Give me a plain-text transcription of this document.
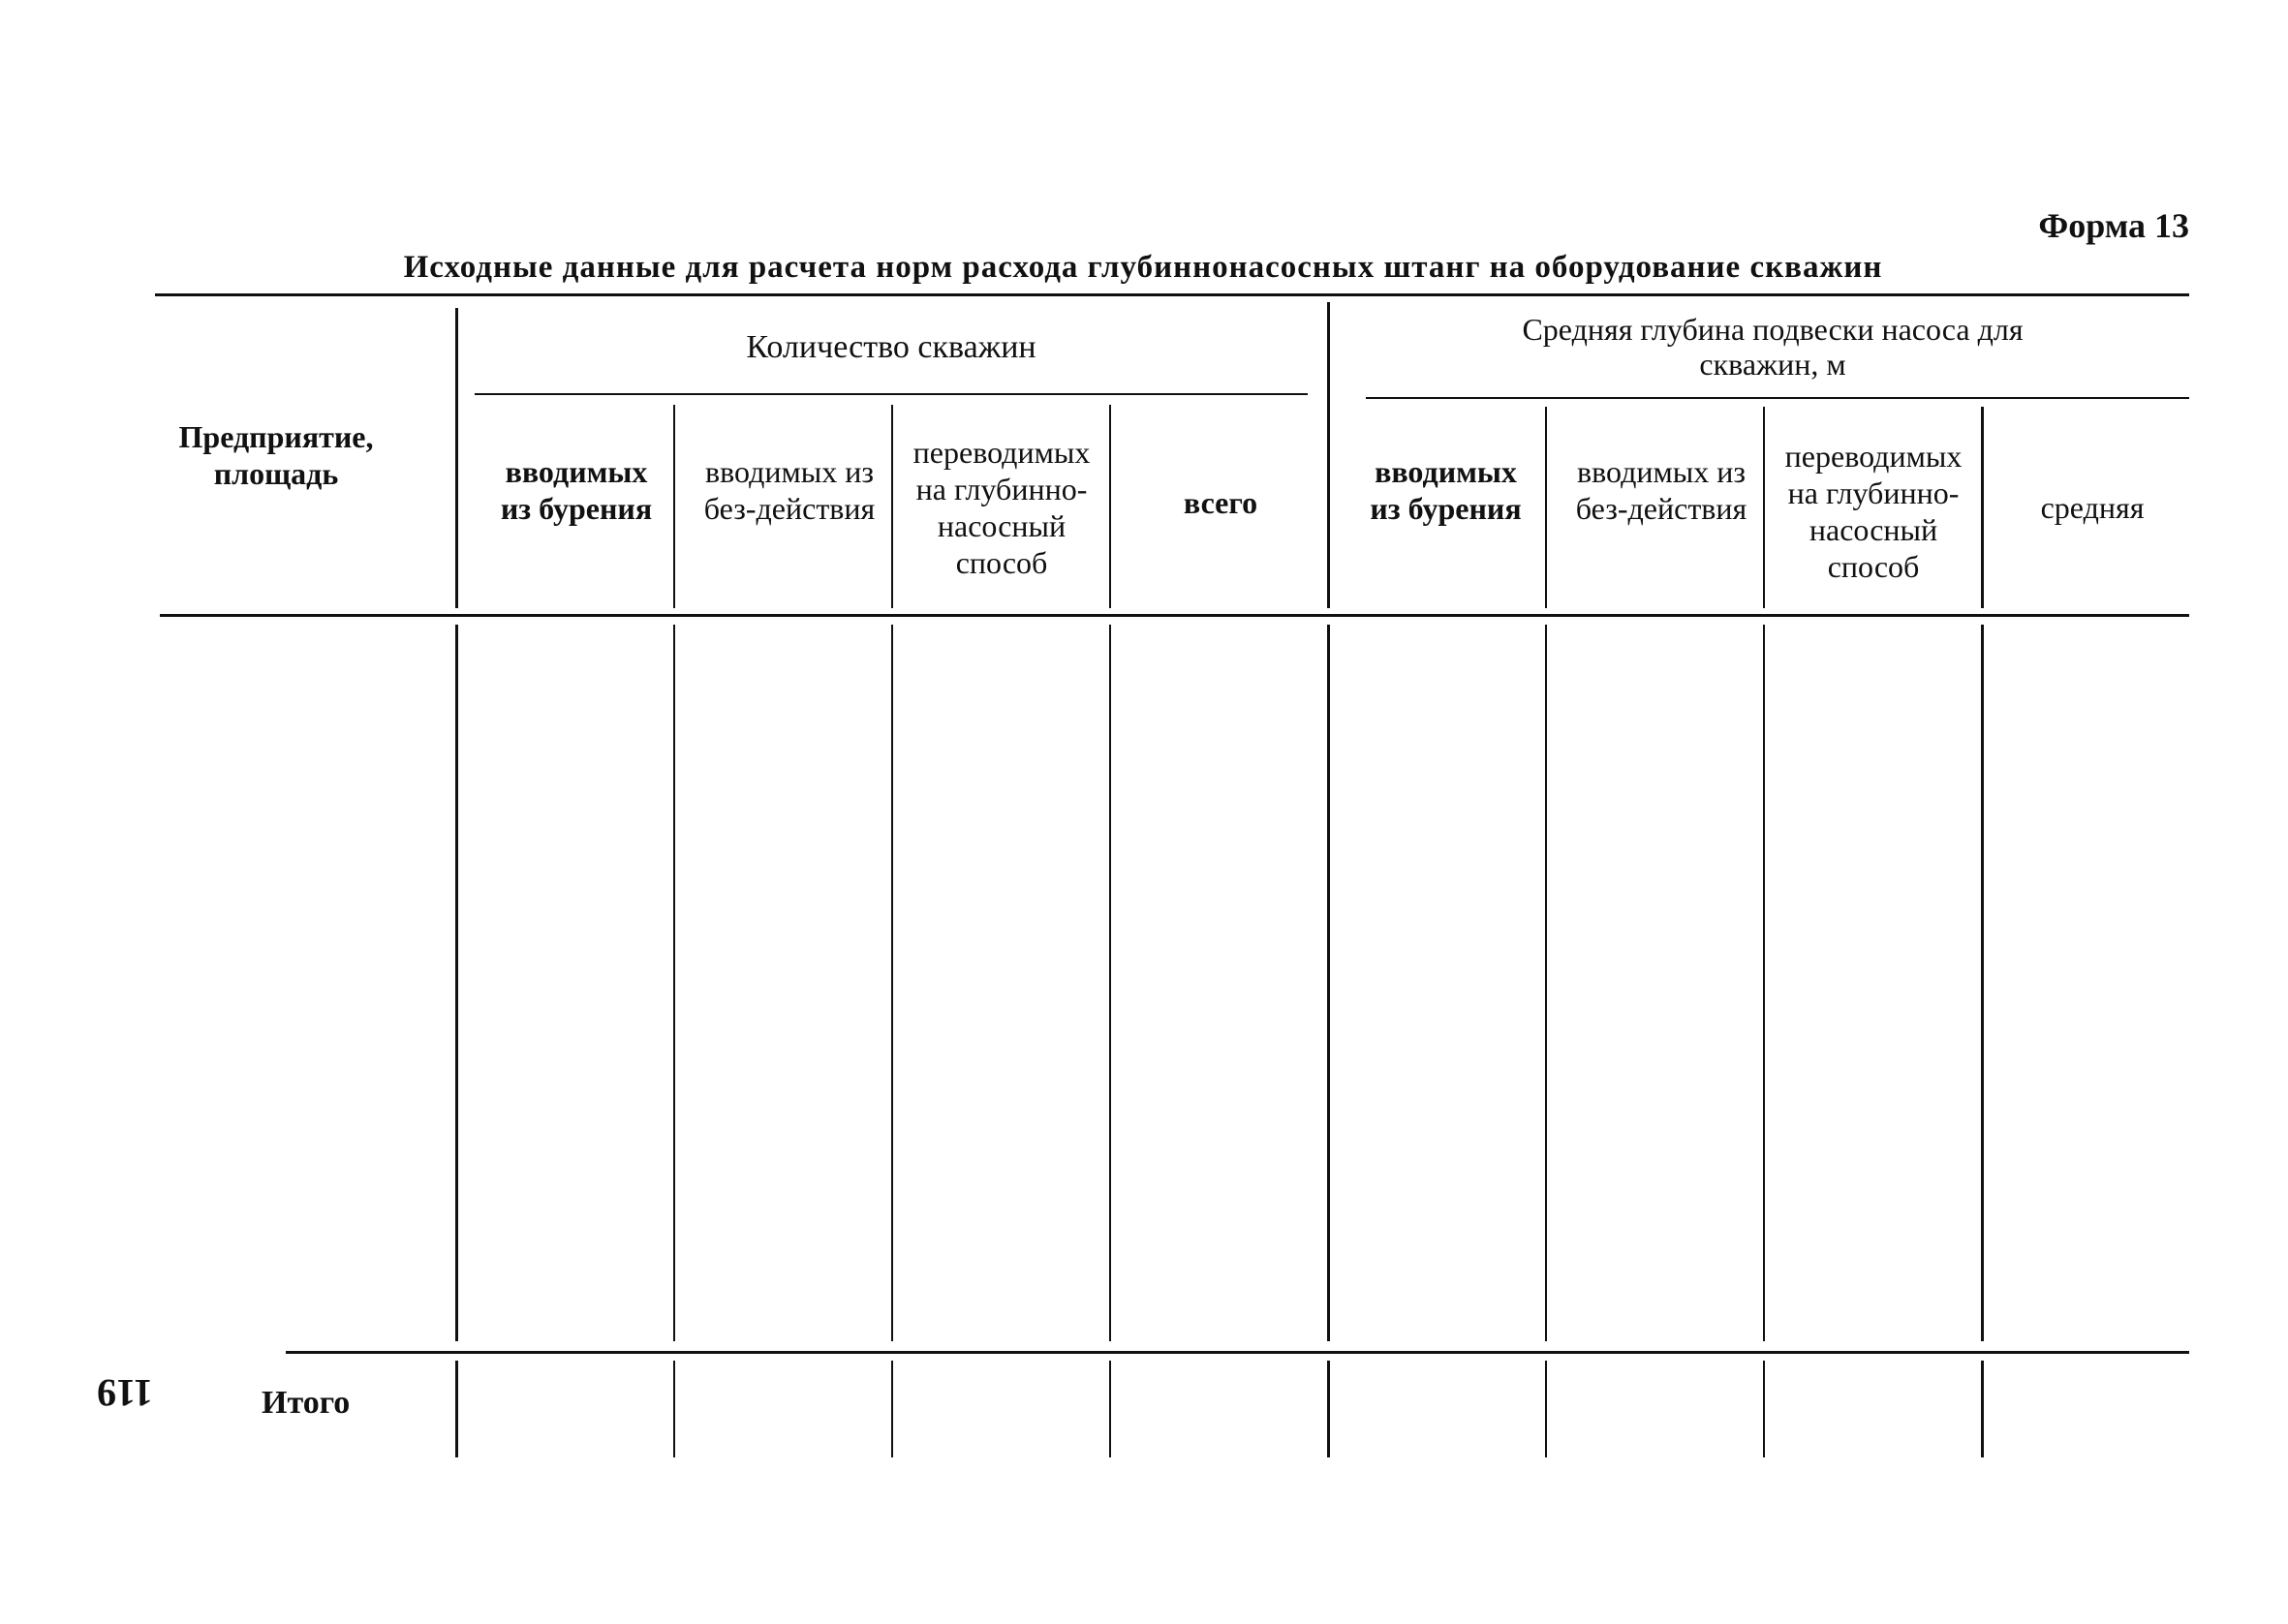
Форма 13
Исходные данные для расчета норм расхода глубиннонасосных штанг на оборудование скважин
Предприятие, площадь
Количество скважин	Средняя глубина подвески насоса для скважин, м
вводимых из бурения
вводимых из без-действия
переводимых на глубинно-насосный способ
всего
вводимых из бурения
вводимых из без-действия
переводимых на глубинно-насосный способ
средняя
Итого
119
